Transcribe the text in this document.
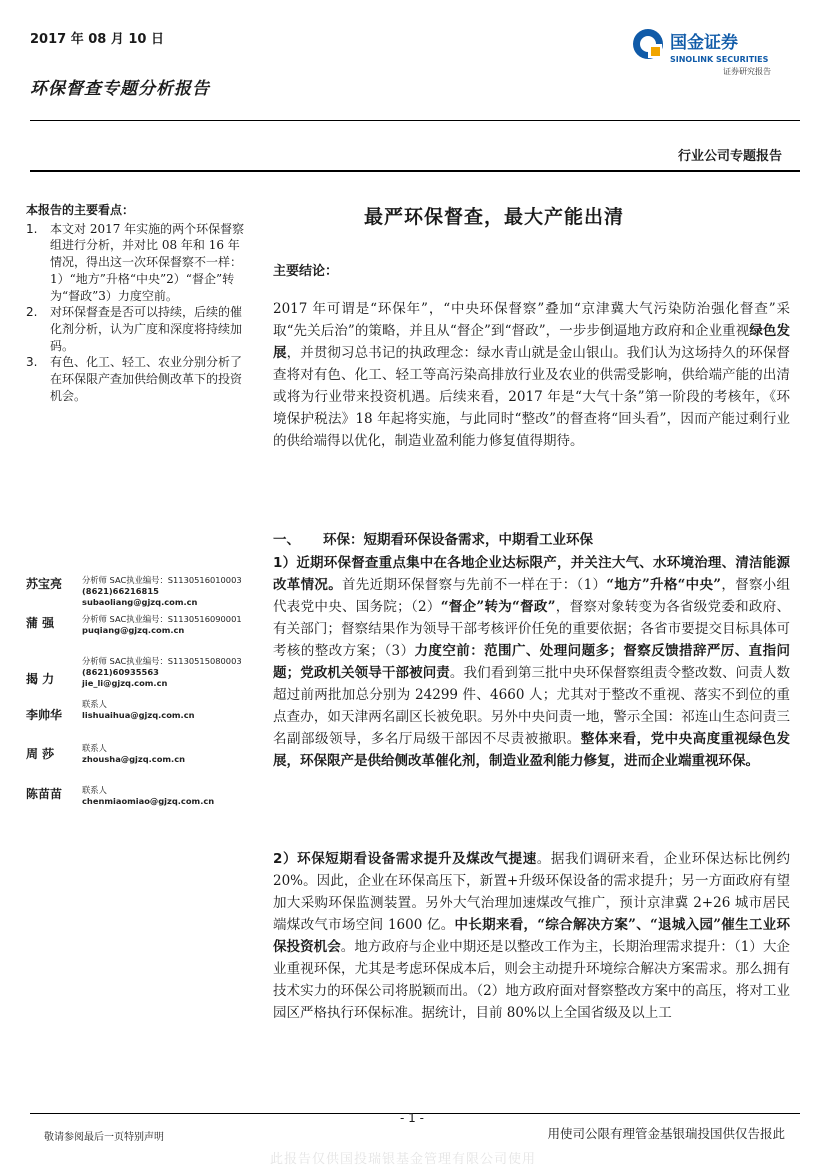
2017 年 08 月 10 日
环保督查专题分析报告
国金证券
SINOLINK SECURITIES
证券研究报告
行业公司专题报告
本报告的主要看点：
1.	本文对 2017 年实施的两个环保督察组进行分析，并对比 08 年和 16 年情况，得出这一次环保督察不一样：1）“地方”升格“中央”2）“督企”转为“督政”3）力度空前。
2.	对环保督查是否可以持续，后续的催化剂分析，认为广度和深度将持续加码。
3.	有色、化工、轻工、农业分别分析了在环保限产查加供给侧改革下的投资机会。
苏宝亮	分析师 SAC执业编号：S1130516010003
(8621)66216815
subaoliang@gjzq.com.cn
蒲 强	分析师 SAC执业编号：S1130516090001
puqiang@gjzq.com.cn
揭 力
分析师 SAC执业编号：S1130515080003
(8621)60935563
jie_li@gjzq.com.cn
李帅华
联系人
lishuaihua@gjzq.com.cn
周 莎	联系人
zhousha@gjzq.com.cn
陈苗苗	联系人
chenmiaomiao@gjzq.com.cn
最严环保督查，最大产能出清
主要结论：
2017 年可谓是“环保年”，“中央环保督察”叠加“京津冀大气污染防治强化督查”采取“先关后治”的策略，并且从“督企”到“督政”，一步步倒逼地方政府和企业重视绿色发展，并贯彻习总书记的执政理念：绿水青山就是金山银山。我们认为这场持久的环保督查将对有色、化工、轻工等高污染高排放行业及农业的供需受影响，供给端产能的出清或将为行业带来投资机遇。后续来看，2017 年是“大气十条”第一阶段的考核年，《环境保护税法》18 年起将实施，与此同时“整改”的督查将“回头看”，因而产能过剩行业的供给端得以优化，制造业盈利能力修复值得期待。
一、 环保：短期看环保设备需求，中期看工业环保
1）近期环保督查重点集中在各地企业达标限产，并关注大气、水环境治理、清洁能源改革情况。首先近期环保督察与先前不一样在于：（1）“地方”升格“中央”，督察小组代表党中央、国务院；（2）“督企”转为“督政”，督察对象转变为各省级党委和政府、有关部门；督察结果作为领导干部考核评价任免的重要依据；各省市要提交目标具体可考核的整改方案；（3）力度空前：范围广、处理问题多；督察反馈措辞严厉、直指问题；党政机关领导干部被问责。我们看到第三批中央环保督察组责令整改数、问责人数超过前两批加总分别为 24299 件、4660 人；尤其对于整改不重视、落实不到位的重点查办，如天津两名副区长被免职。另外中央问责一地，警示全国：祁连山生态问责三名副部级领导，多名厅局级干部因不尽责被撤职。整体来看，党中央高度重视绿色发展，环保限产是供给侧改革催化剂，制造业盈利能力修复，进而企业端重视环保。
2）环保短期看设备需求提升及煤改气提速。据我们调研来看，企业环保达标比例约 20%。因此，企业在环保高压下，新置+升级环保设备的需求提升；另一方面政府有望加大采购环保监测装置。另外大气治理加速煤改气推广，预计京津冀 2+26 城市居民端煤改气市场空间 1600 亿。中长期来看，“综合解决方案”、“退城入园”催生工业环保投资机会。地方政府与企业中期还是以整改工作为主，长期治理需求提升：（1）大企业重视环保，尤其是考虑环保成本后，则会主动提升环境综合解决方案需求。那么拥有技术实力的环保公司将脱颖而出。（2）地方政府面对督察整改方案中的高压，将对工业园区严格执行环保标准。据统计，目前 80%以上全国省级及以上工
- 1 -
敬请参阅最后一页特别声明	用使司公限有理管金基银瑞投国供仅告报此
此报告仅供国投瑞银基金管理有限公司使用
